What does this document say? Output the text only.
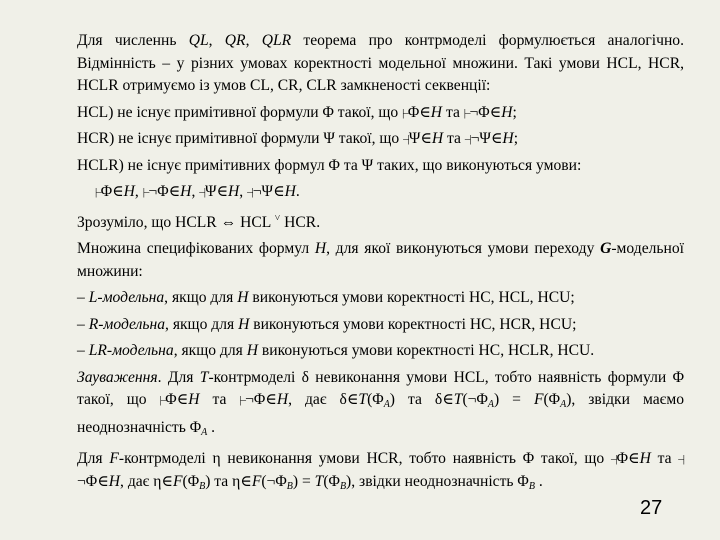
Для численнь QL, QR, QLR теорема про контрмоделі формулюється аналогічно. Відмінність – у різних умовах коректності модельної множини. Такі умови HCL, HCR, HCLR отримуємо із умов CL, CR, CLR замкненості секвенції:

HCL) не існує примітивної формули Φ такої, що |–Φ∈H та |–¬Φ∈H;

HCR) не існує примітивної формули Ψ такої, що –|Ψ∈H та –|¬Ψ∈H;

HCLR) не існує примітивних формул Φ та Ψ таких, що виконуються умови:

|–Φ∈H, |–¬Φ∈H, –|Ψ∈H, –|¬Ψ∈H.

Зрозуміло, що HCLR ⇔ HCL ˅ HCR.

Множина специфікованих формул H, для якої виконуються умови переходу G-модельної множини:

– L-модельна, якщо для H виконуються умови коректності HC, HCL, HCU;

– R-модельна, якщо для H виконуються умови коректності HC, HCR, HCU;

– LR-модельна, якщо для H виконуються умови коректності HC, HCLR, HCU.

Зауваження. Для T-контрмоделі δ невиконання умови HCL, тобто наявність формули Φ такої, що |–Φ∈H та |–¬Φ∈H, дає $\delta\in T(\Phi_A)$ та $\delta\in T(\neg\Phi_A) = F(\Phi_A)$, звідки маємо неоднозначність $\Phi_A$ .

Для F-контрмоделі η невиконання умови HCR, тобто наявність Φ такої, що –|Φ∈H та –|¬Φ∈H, дає $\eta\in F(\Phi_B)$ та $\eta\in F(\neg\Phi_B) = T(\Phi_B)$, звідки неоднозначність $\Phi_B$ .

27
